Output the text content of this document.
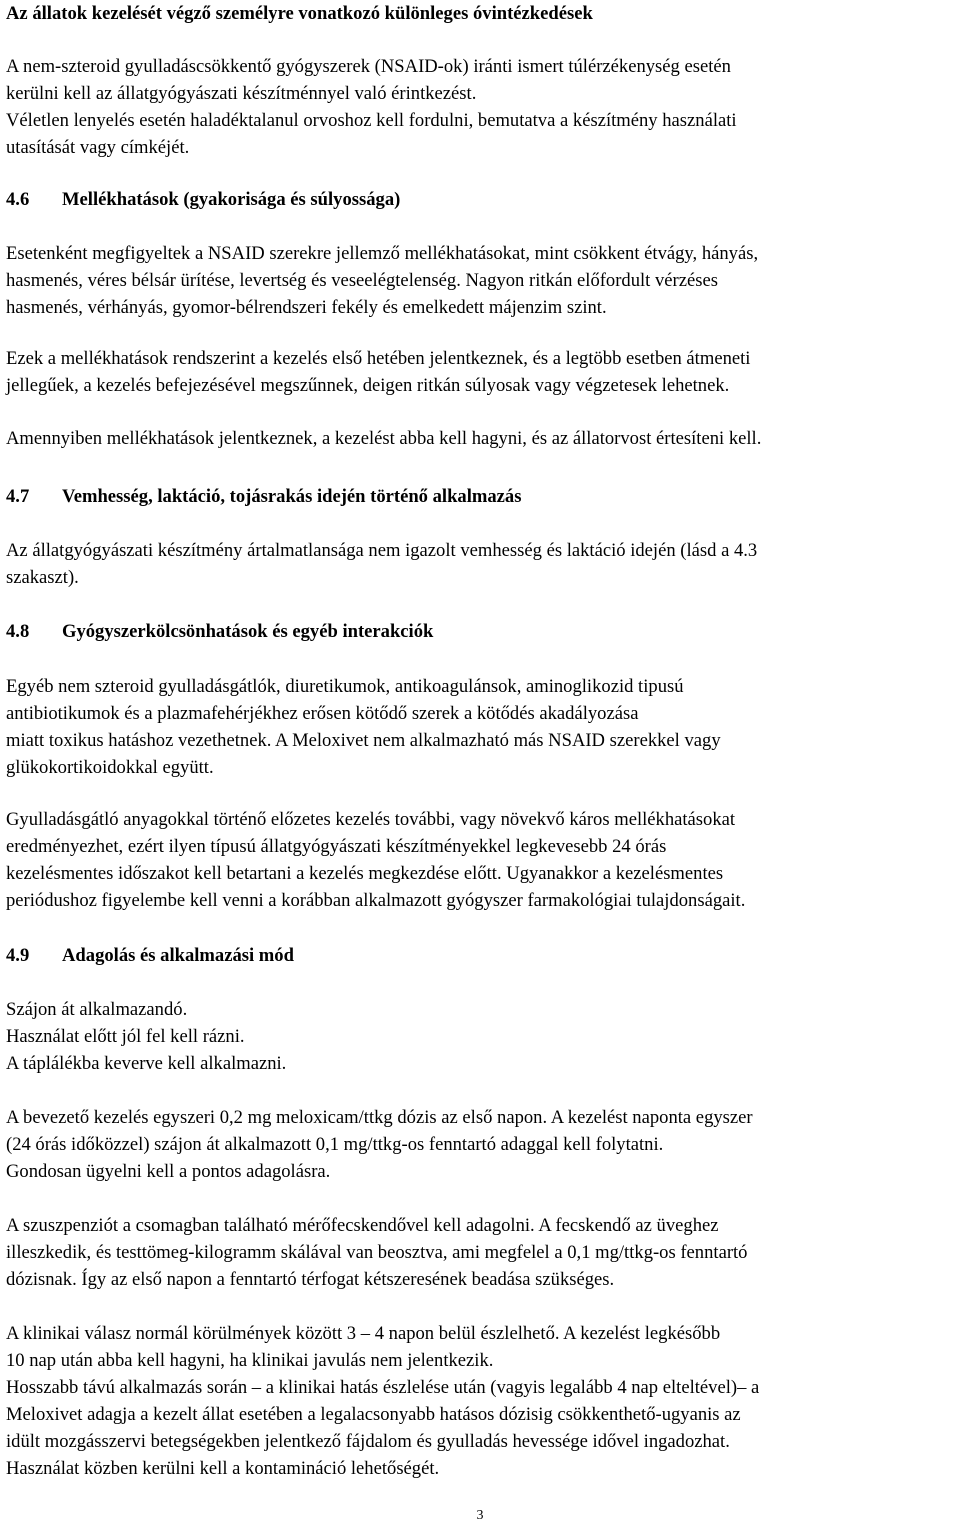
Az állatok kezelését végző személyre vonatkozó különleges óvintézkedések
A nem-szteroid gyulladáscsökkentő gyógyszerek (NSAID-ok) iránti ismert túlérzékenység esetén
kerülni kell az állatgyógyászati készítménnyel való érintkezést.
Véletlen lenyelés esetén haladéktalanul orvoshoz kell fordulni, bemutatva a készítmény használati
utasítását vagy címkéjét.
4.6 Mellékhatások (gyakorisága és súlyossága)
Esetenként megfigyeltek a NSAID szerekre jellemző mellékhatásokat, mint csökkent étvágy, hányás,
hasmenés, véres bélsár ürítése, levertség és veseelégtelenség. Nagyon ritkán előfordult vérzéses
hasmenés, vérhányás, gyomor-bélrendszeri fekély és emelkedett májenzim szint.
Ezek a mellékhatások rendszerint a kezelés első hetében jelentkeznek, és a legtöbb esetben átmeneti
jellegűek, a kezelés befejezésével megszűnnek, deigen ritkán súlyosak vagy végzetesek lehetnek.
Amennyiben mellékhatások jelentkeznek, a kezelést abba kell hagyni, és az állatorvost értesíteni kell.
4.7 Vemhesség, laktáció, tojásrakás idején történő alkalmazás
Az állatgyógyászati készítmény ártalmatlansága nem igazolt vemhesség és laktáció idején (lásd a 4.3
szakaszt).
4.8 Gyógyszerkölcsönhatások és egyéb interakciók
Egyéb nem szteroid gyulladásgátlók, diuretikumok, antikoagulánsok, aminoglikozid tipusú
antibiotikumok és a plazmafehérjékhez erősen kötődő szerek a kötődés akadályozása
miatt toxikus hatáshoz vezethetnek. A Meloxivet nem alkalmazható más NSAID szerekkel vagy
glükokortikoidokkal együtt.
Gyulladásgátló anyagokkal történő előzetes kezelés további, vagy növekvő káros mellékhatásokat
eredményezhet, ezért ilyen típusú állatgyógyászati készítményekkel legkevesebb 24 órás
kezelésmentes időszakot kell betartani a kezelés megkezdése előtt. Ugyanakkor a kezelésmentes
periódushoz figyelembe kell venni a korábban alkalmazott gyógyszer farmakológiai tulajdonságait.
4.9 Adagolás és alkalmazási mód
Szájon át alkalmazandó.
Használat előtt jól fel kell rázni.
A táplálékba keverve kell alkalmazni.
A bevezető kezelés egyszeri 0,2 mg meloxicam/ttkg dózis az első napon. A kezelést naponta egyszer
(24 órás időközzel) szájon át alkalmazott 0,1 mg/ttkg-os fenntartó adaggal kell folytatni.
Gondosan ügyelni kell a pontos adagolásra.
A szuszpenziót a csomagban található mérőfecskendővel kell adagolni. A fecskendő az üveghez
illeszkedik, és testtömeg-kilogramm skálával van beosztva, ami megfelel a 0,1 mg/ttkg-os fenntartó
dózisnak. Így az első napon a fenntartó térfogat kétszeresének beadása szükséges.
A klinikai válasz normál körülmények között 3 – 4 napon belül észlelhető. A kezelést legkésőbb
10 nap után abba kell hagyni, ha klinikai javulás nem jelentkezik.
Hosszabb távú alkalmazás során – a klinikai hatás észlelése után (vagyis legalább 4 nap elteltével)– a
Meloxivet adagja a kezelt állat esetében a legalacsonyabb hatásos dózisig csökkenthető-ugyanis az
idült mozgásszervi betegségekben jelentkező fájdalom és gyulladás hevessége idővel ingadozhat.
Használat közben kerülni kell a kontamináció lehetőségét.
3
